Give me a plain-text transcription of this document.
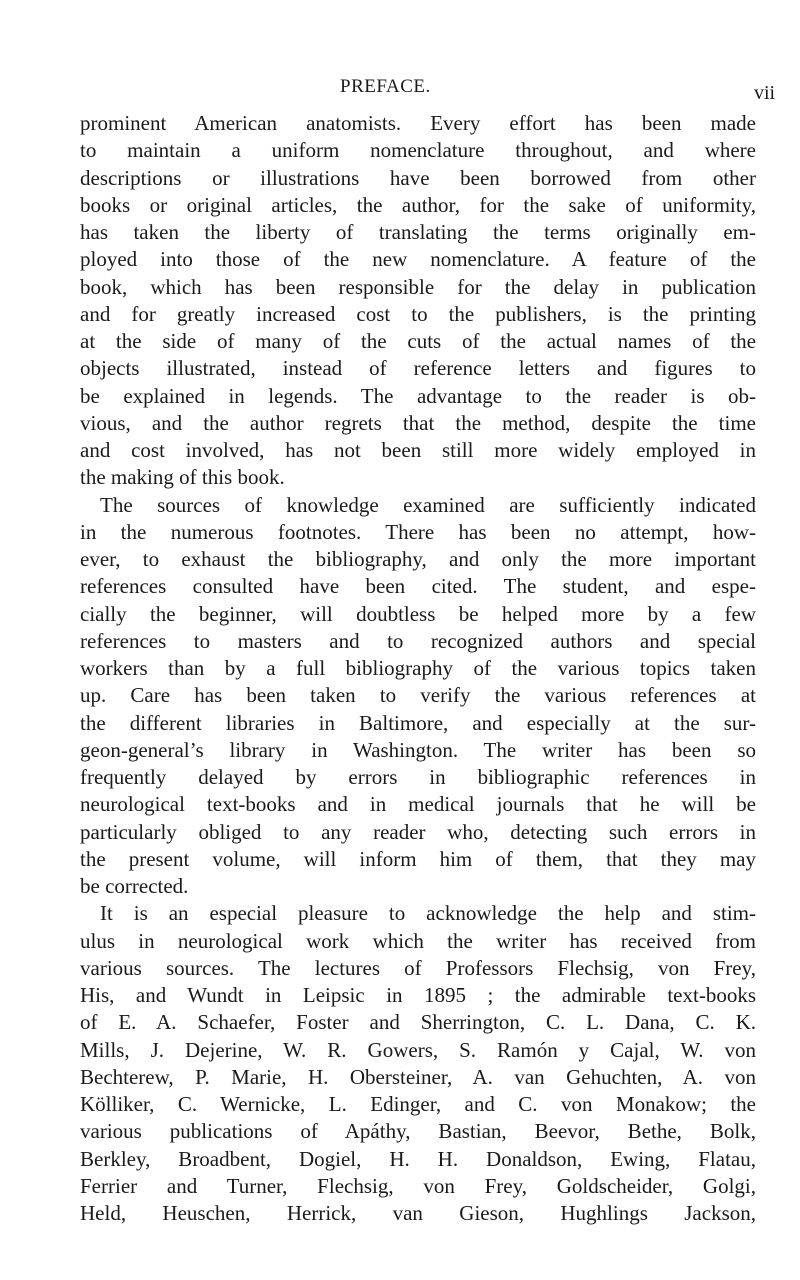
PREFACE.	vii
prominent American anatomists. Every effort has been made
to maintain a uniform nomenclature throughout, and where
descriptions or illustrations have been borrowed from other
books or original articles, the author, for the sake of uniformity,
has taken the liberty of translating the terms originally em-
ployed into those of the new nomenclature. A feature of the
book, which has been responsible for the delay in publication
and for greatly increased cost to the publishers, is the printing
at the side of many of the cuts of the actual names of the
objects illustrated, instead of reference letters and figures to
be explained in legends. The advantage to the reader is ob-
vious, and the author regrets that the method, despite the time
and cost involved, has not been still more widely employed in
the making of this book.
The sources of knowledge examined are sufficiently indicated
in the numerous footnotes. There has been no attempt, how-
ever, to exhaust the bibliography, and only the more important
references consulted have been cited. The student, and espe-
cially the beginner, will doubtless be helped more by a few
references to masters and to recognized authors and special
workers than by a full bibliography of the various topics taken
up. Care has been taken to verify the various references at
the different libraries in Baltimore, and especially at the sur-
geon-general’s library in Washington. The writer has been so
frequently delayed by errors in bibliographic references in
neurological text-books and in medical journals that he will be
particularly obliged to any reader who, detecting such errors in
the present volume, will inform him of them, that they may
be corrected.
It is an especial pleasure to acknowledge the help and stim-
ulus in neurological work which the writer has received from
various sources. The lectures of Professors Flechsig, von Frey,
His, and Wundt in Leipsic in 1895 ; the admirable text-books
of E. A. Schaefer, Foster and Sherrington, C. L. Dana, C. K.
Mills, J. Dejerine, W. R. Gowers, S. Ramón y Cajal, W. von
Bechterew, P. Marie, H. Obersteiner, A. van Gehuchten, A. von
Kölliker, C. Wernicke, L. Edinger, and C. von Monakow; the
various publications of Apáthy, Bastian, Beevor, Bethe, Bolk,
Berkley, Broadbent, Dogiel, H. H. Donaldson, Ewing, Flatau,
Ferrier and Turner, Flechsig, von Frey, Goldscheider, Golgi,
Held, Heuschen, Herrick, van Gieson, Hughlings Jackson,
